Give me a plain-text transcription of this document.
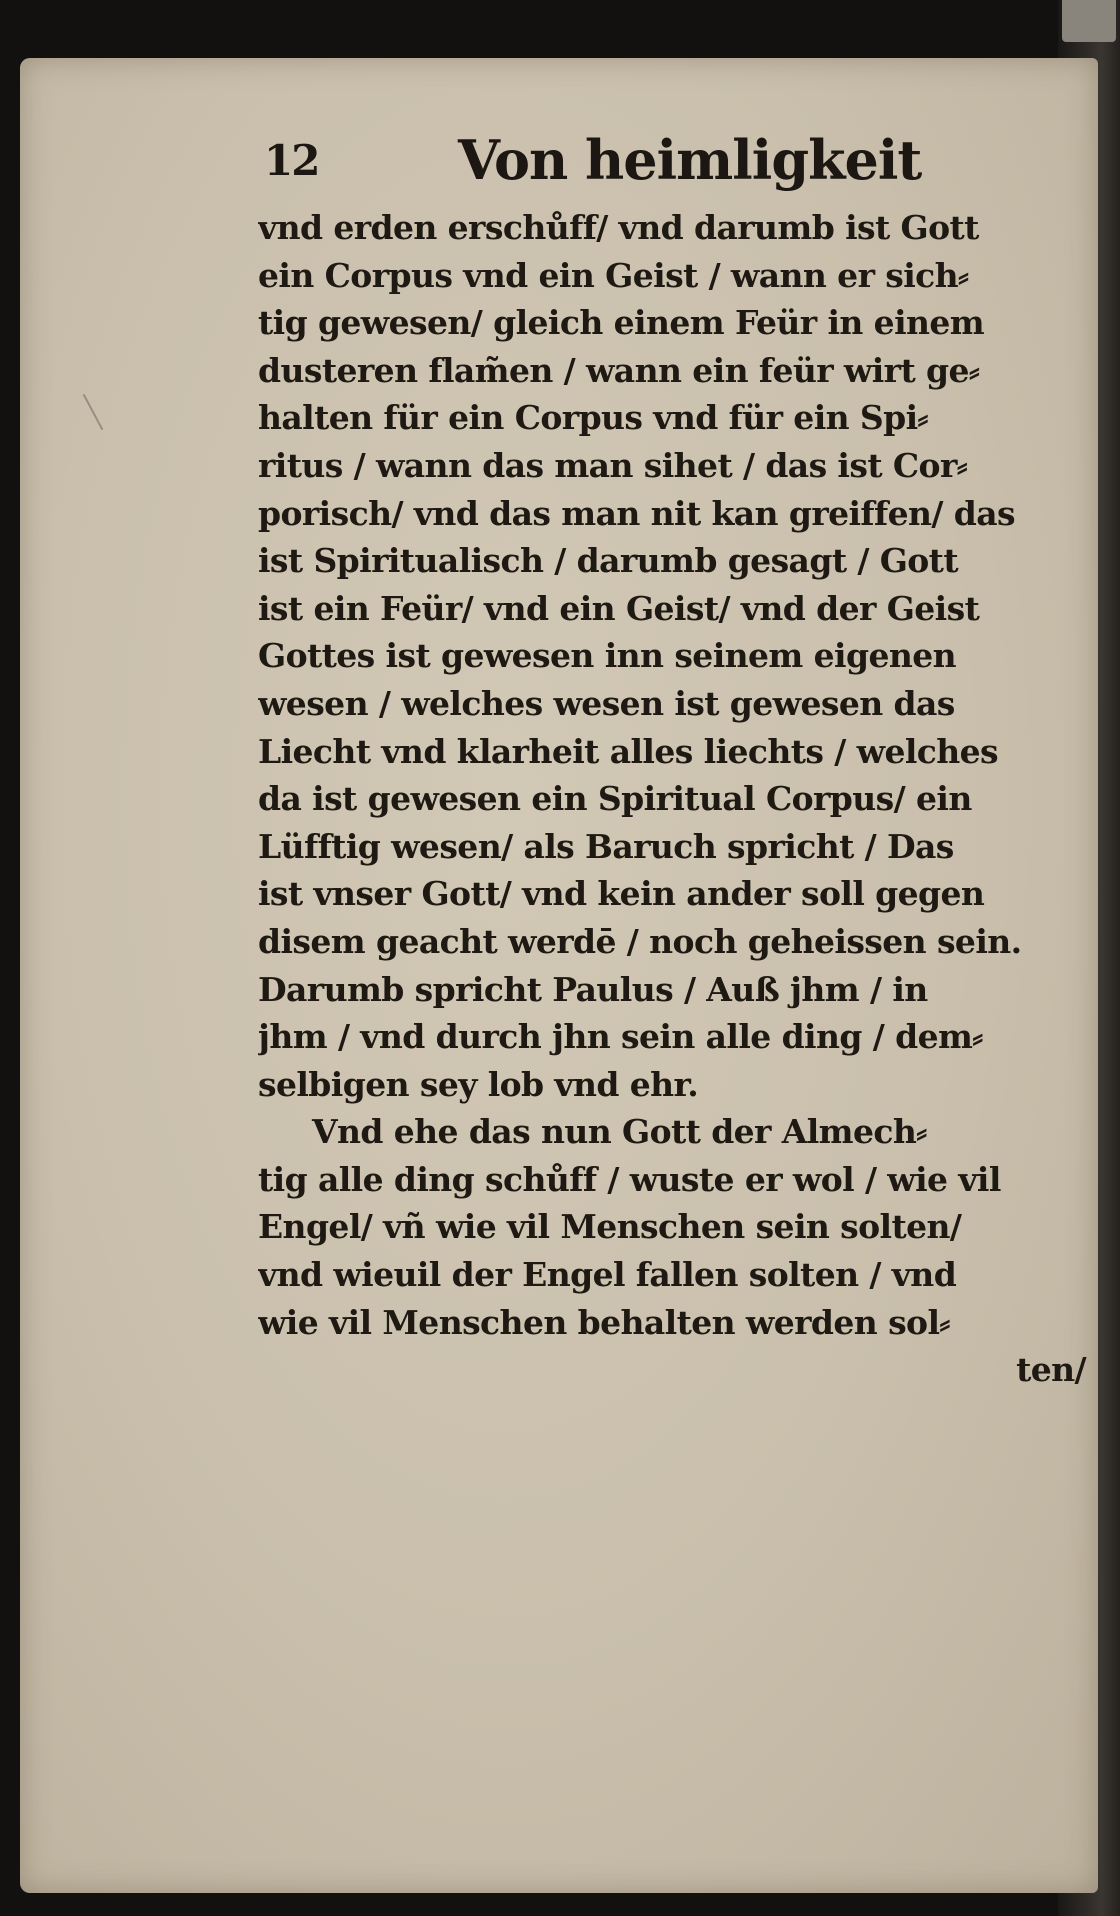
12	Von heimligkeit
vnd erden erschůff/ vnd darumb ist Gott
ein Corpus vnd ein Geist / wann er sich⸗
tig gewesen/ gleich einem Feür in einem
dusteren flam̃en / wann ein feür wirt ge⸗
halten für ein Corpus vnd für ein Spi⸗
ritus / wann das man sihet / das ist Cor⸗
porisch/ vnd das man nit kan greiffen/ das
ist Spiritualisch / darumb gesagt / Gott
ist ein Feür/ vnd ein Geist/ vnd der Geist
Gottes ist gewesen inn seinem eigenen
wesen / welches wesen ist gewesen das
Liecht vnd klarheit alles liechts / welches
da ist gewesen ein Spiritual Corpus/ ein
Lüfftig wesen/ als Baruch spricht / Das
ist vnser Gott/ vnd kein ander soll gegen
disem geacht werdē / noch geheissen sein.
Darumb spricht Paulus / Auß jhm / in
jhm / vnd durch jhn sein alle ding / dem⸗
selbigen sey lob vnd ehr.
Vnd ehe das nun Gott der Almech⸗
tig alle ding schůff / wuste er wol / wie vil
Engel/ vñ wie vil Menschen sein solten/
vnd wieuil der Engel fallen solten / vnd
wie vil Menschen behalten werden sol⸗
ten/
